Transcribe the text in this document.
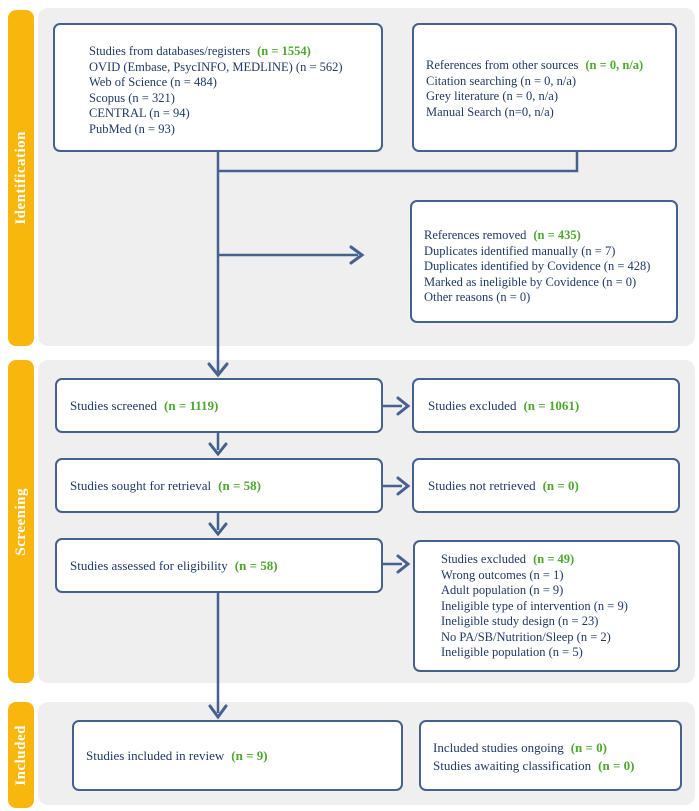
Identification
Screening
Included
Studies from databases/registers (n = 1554)
OVID (Embase, PsycINFO, MEDLINE) (n = 562)
Web of Science (n = 484)
Scopus (n = 321)
CENTRAL (n = 94)
PubMed (n = 93)
References from other sources (n = 0, n/a)
Citation searching (n = 0, n/a)
Grey literature (n = 0, n/a)
Manual Search (n=0, n/a)
References removed (n = 435)
Duplicates identified manually (n = 7)
Duplicates identified by Covidence (n = 428)
Marked as ineligible by Covidence (n = 0)
Other reasons (n = 0)
Studies screened (n = 1119)	Studies excluded (n = 1061)
Studies sought for retrieval (n = 58)	Studies not retrieved (n = 0)
Studies assessed for eligibility (n = 58)	Studies excluded (n = 49)
Wrong outcomes (n = 1)
Adult population (n = 9)
Ineligible type of intervention (n = 9)
Ineligible study design (n = 23)
No PA/SB/Nutrition/Sleep (n = 2)
Ineligible population (n = 5)
Studies included in review (n = 9)
Included studies ongoing (n = 0)
Studies awaiting classification (n = 0)
